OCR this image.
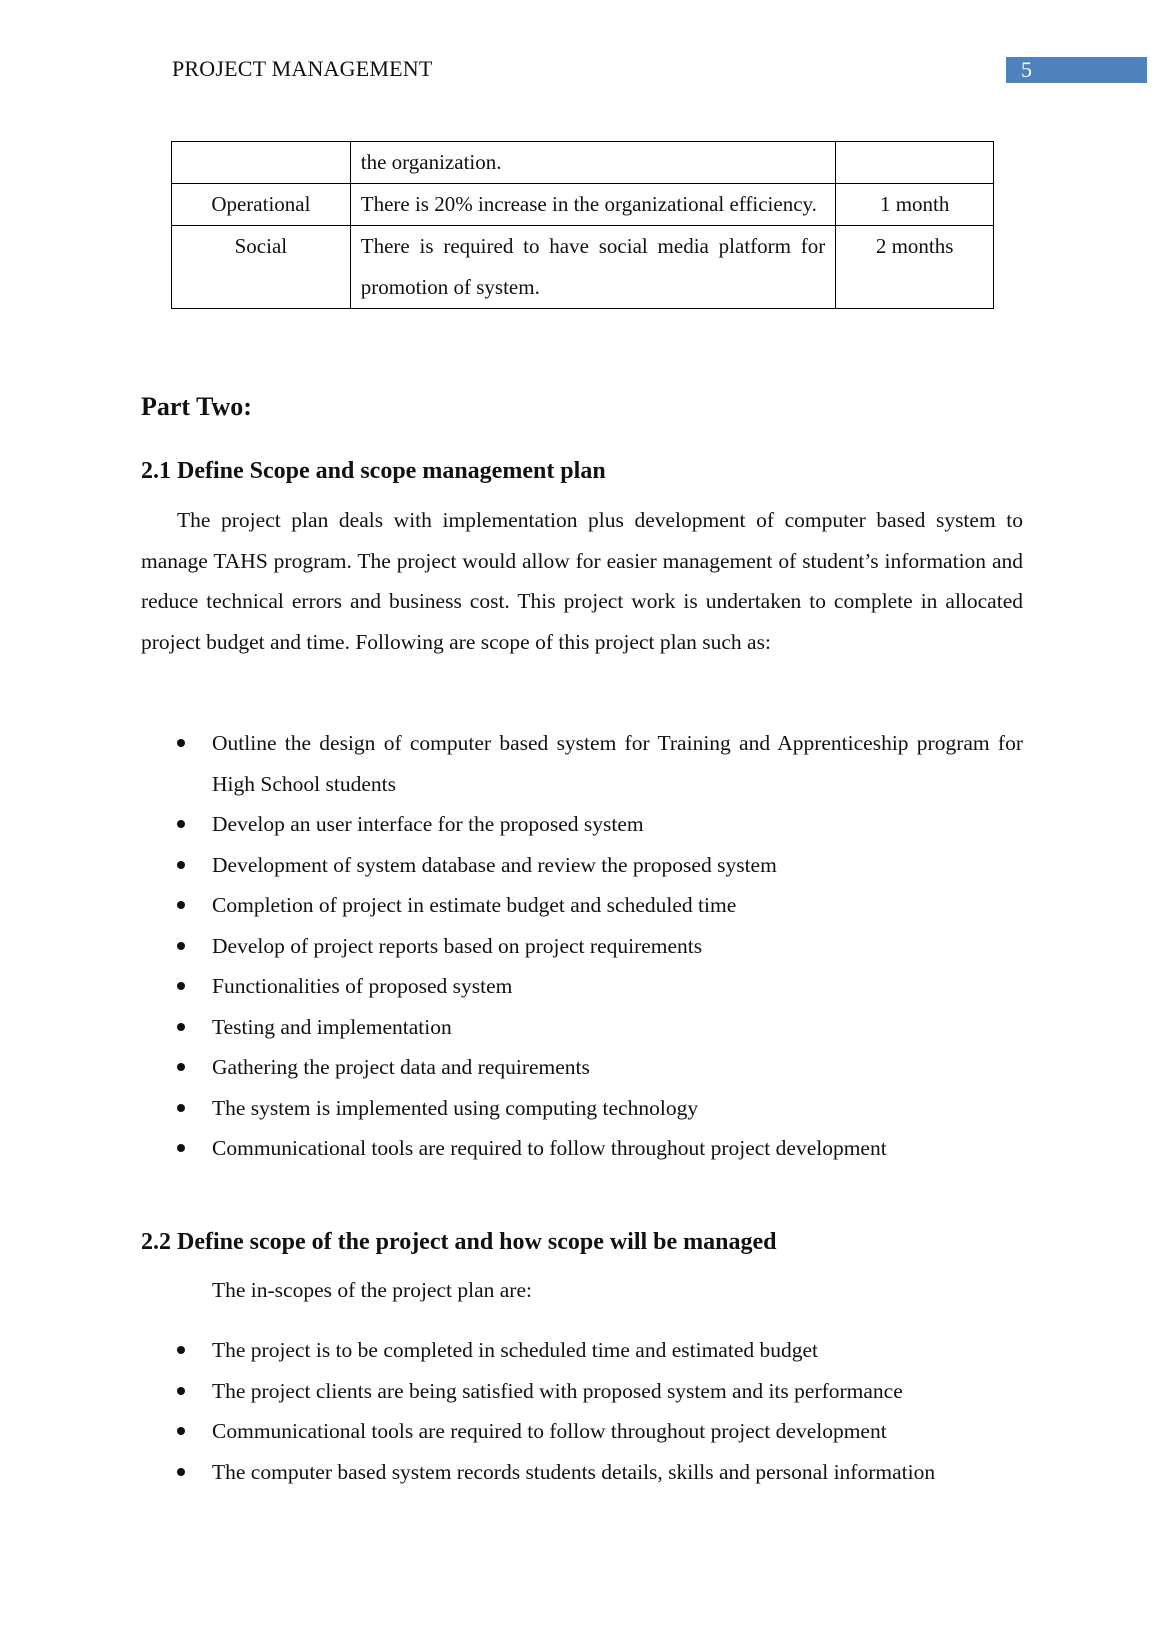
PROJECT MANAGEMENT	5
	the organization.	
Operational	There is 20% increase in the organizational efficiency.	1 month
Social	There is required to have social media platform for promotion of system.	2 months
Part Two:
2.1 Define Scope and scope management plan

The project plan deals with implementation plus development of computer based system to manage TAHS program. The project would allow for easier management of student’s information and reduce technical errors and business cost. This project work is undertaken to complete in allocated project budget and time. Following are scope of this project plan such as:

Outline the design of computer based system for Training and Apprenticeship program for High School students
Develop an user interface for the proposed system
Development of system database and review the proposed system
Completion of project in estimate budget and scheduled time
Develop of project reports based on project requirements
Functionalities of proposed system
Testing and implementation
Gathering the project data and requirements
The system is implemented using computing technology
Communicational tools are required to follow throughout project development
2.2 Define scope of the project and how scope will be managed

The in-scopes of the project plan are:

The project is to be completed in scheduled time and estimated budget
The project clients are being satisfied with proposed system and its performance
Communicational tools are required to follow throughout project development
The computer based system records students details, skills and personal information
